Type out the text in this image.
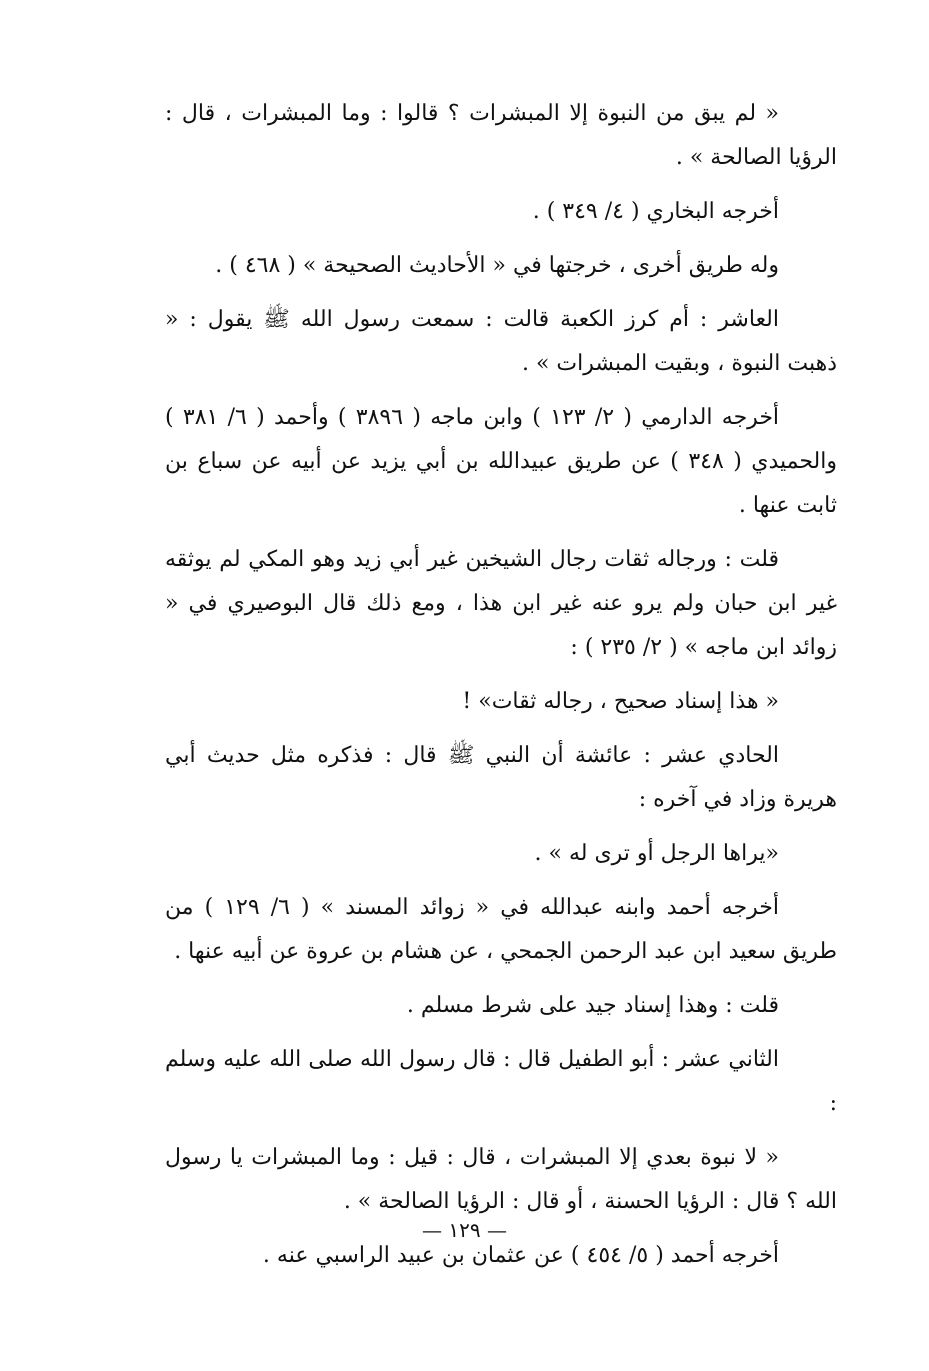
« لم يبق من النبوة إلا المبشرات ؟ قالوا : وما المبشرات ، قال : الرؤيا الصالحة » .

أخرجه البخاري ( ٤/ ٣٤٩ ) .

وله طريق أخرى ، خرجتها في « الأحاديث الصحيحة » ( ٤٦٨ ) .

العاشر : أم كرز الكعبة قالت : سمعت رسول الله ﷺ يقول : « ذهبت النبوة ، وبقيت المبشرات » .

أخرجه الدارمي ( ٢/ ١٢٣ ) وابن ماجه ( ٣٨٩٦ ) وأحمد ( ٦/ ٣٨١ ) والحميدي ( ٣٤٨ ) عن طريق عبيدالله بن أبي يزيد عن أبيه عن سباع بن ثابت عنها .

قلت : ورجاله ثقات رجال الشيخين غير أبي زيد وهو المكي لم يوثقه غير ابن حبان ولم يرو عنه غير ابن هذا ، ومع ذلك قال البوصيري في « زوائد ابن ماجه » ( ٢/ ٢٣٥ ) :

« هذا إسناد صحيح ، رجاله ثقات» !

الحادي عشر : عائشة أن النبي ﷺ قال : فذكره مثل حديث أبي هريرة وزاد في آخره :

«يراها الرجل أو ترى له » .

أخرجه أحمد وابنه عبدالله في « زوائد المسند » ( ٦/ ١٢٩ ) من طريق سعيد ابن عبد الرحمن الجمحي ، عن هشام بن عروة عن أبيه عنها .

قلت : وهذا إسناد جيد على شرط مسلم .

الثاني عشر : أبو الطفيل قال : قال رسول الله صلى الله عليه وسلم :

« لا نبوة بعدي إلا المبشرات ، قال : قيل : وما المبشرات يا رسول الله ؟ قال : الرؤيا الحسنة ، أو قال : الرؤيا الصالحة » .

أخرجه أحمد ( ٥/ ٤٥٤ ) عن عثمان بن عبيد الراسبي عنه .

— ١٢٩ —
